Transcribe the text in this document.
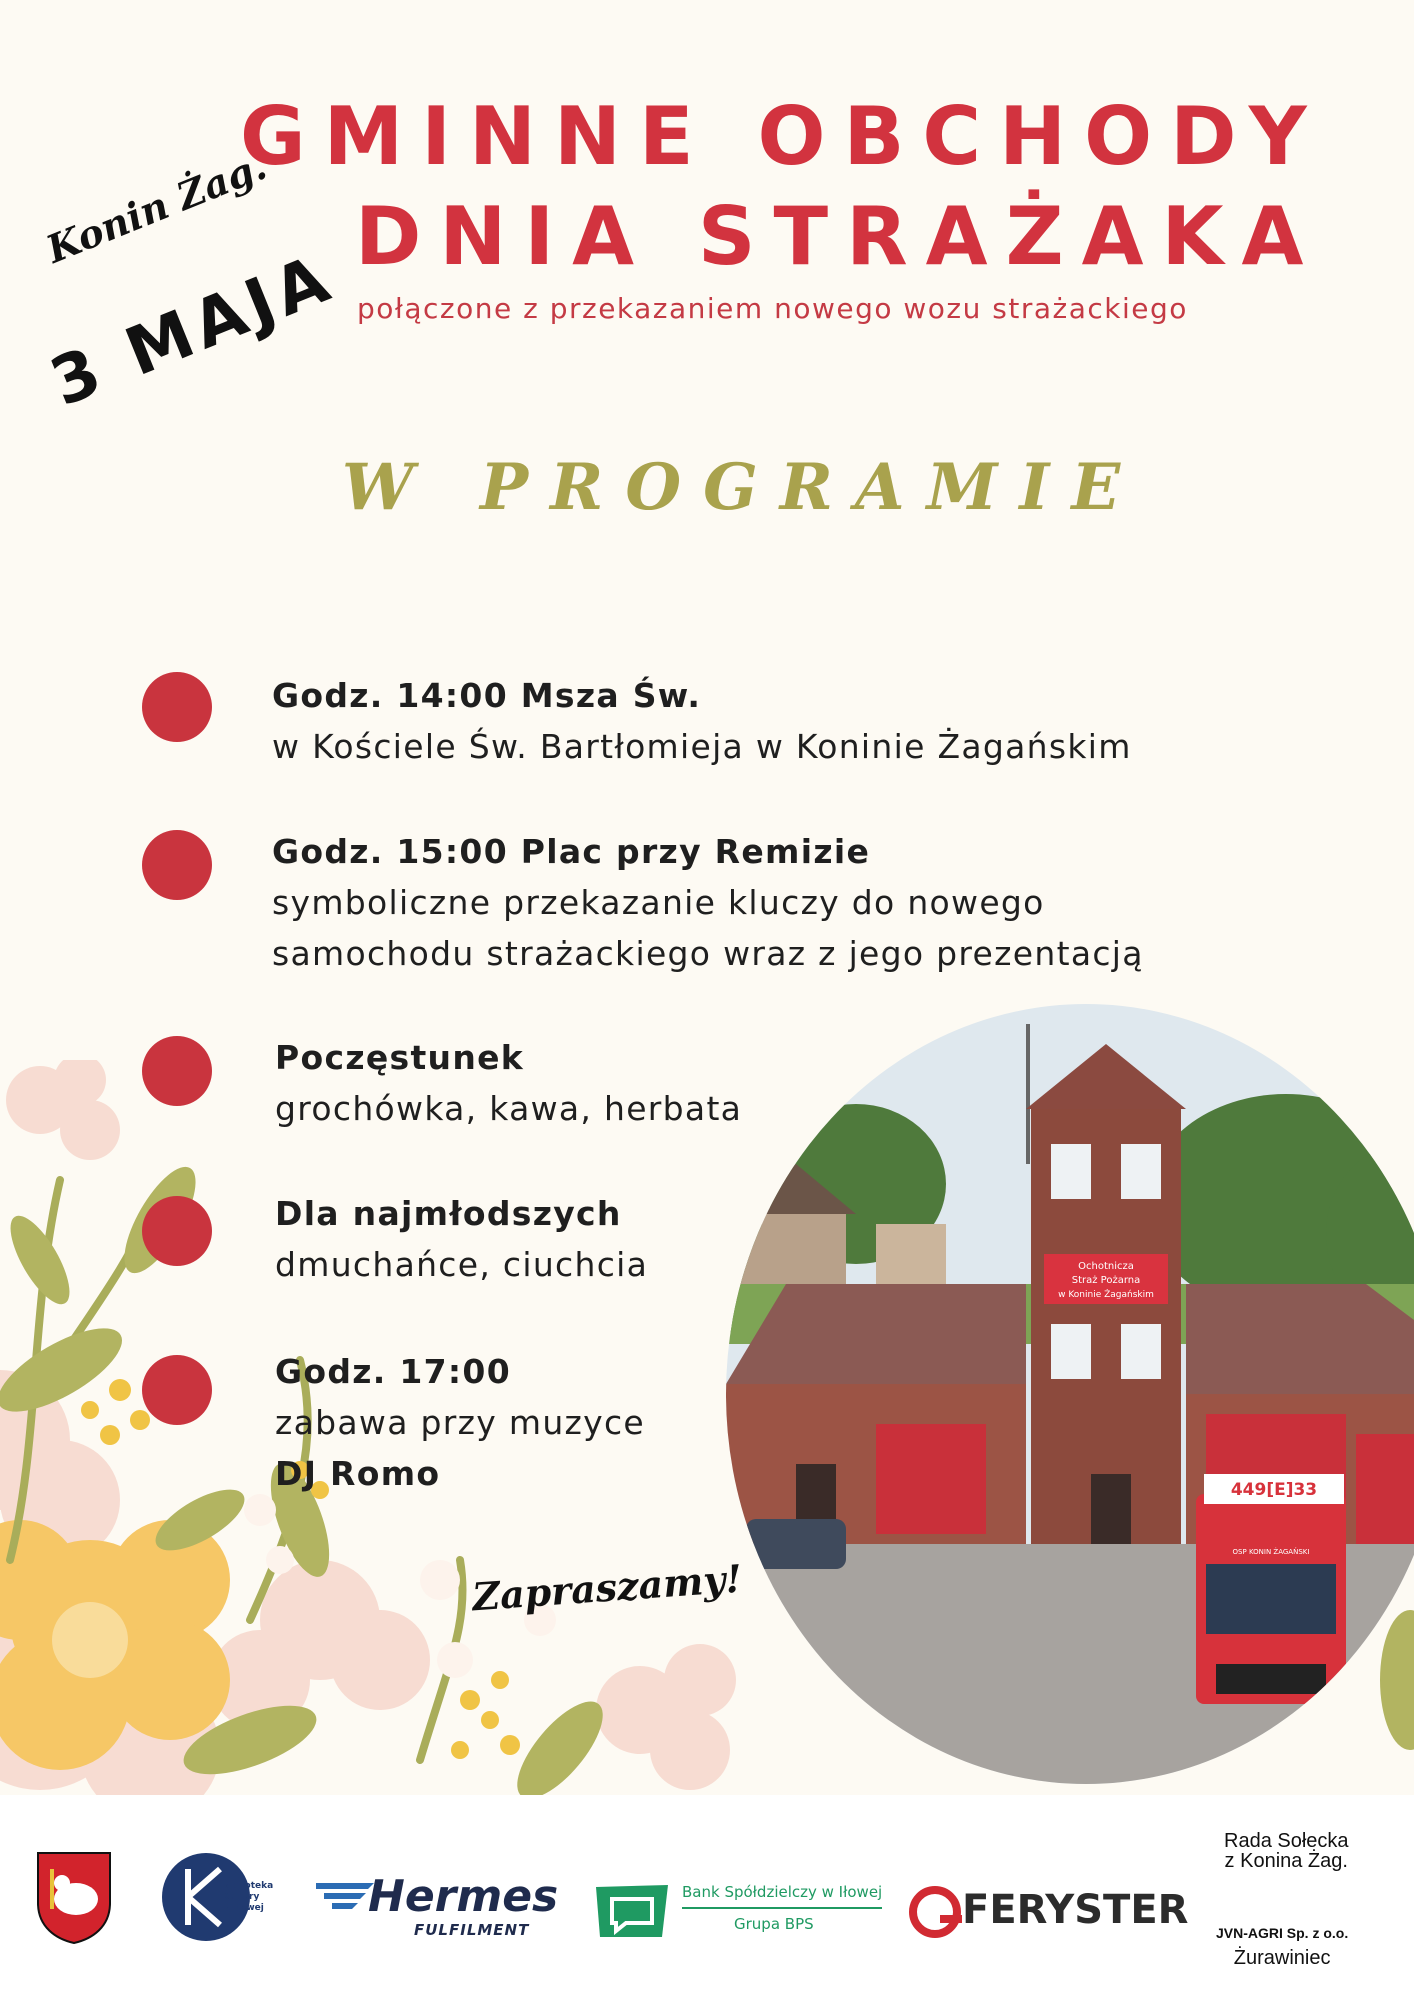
GMINNE OBCHODY
DNIA STRAŻAKA
połączone z przekazaniem nowego wozu strażackiego
Konin Żag.
3 MAJA
W PROGRAMIE
Godz. 14:00 Msza Św.
w Kościele Św. Bartłomieja w Koninie Żagańskim
Godz. 15:00 Plac przy Remizie
symboliczne przekazanie kluczy do nowego
samochodu strażackiego wraz z jego prezentacją
Poczęstunek
grochówka, kawa, herbata
Dla najmłodszych
dmuchańce, ciuchcia
Godz. 17:00
zabawa przy muzyce
DJ Romo
Zapraszamy!
Ochotnicza
Straż Pożarna
w Koninie Żagańskim
449[E]33
OSP KONIN ŻAGAŃSKI
Biblioteka
Kultury
w Iłowej Hermes
FULFILMENT
Bank Spółdzielczy w Iłowej
Grupa BPS	FERYSTER
Rada Sołecka
z Konina Żag.
JVN-AGRI Sp. z o.o.
Żurawiniec
